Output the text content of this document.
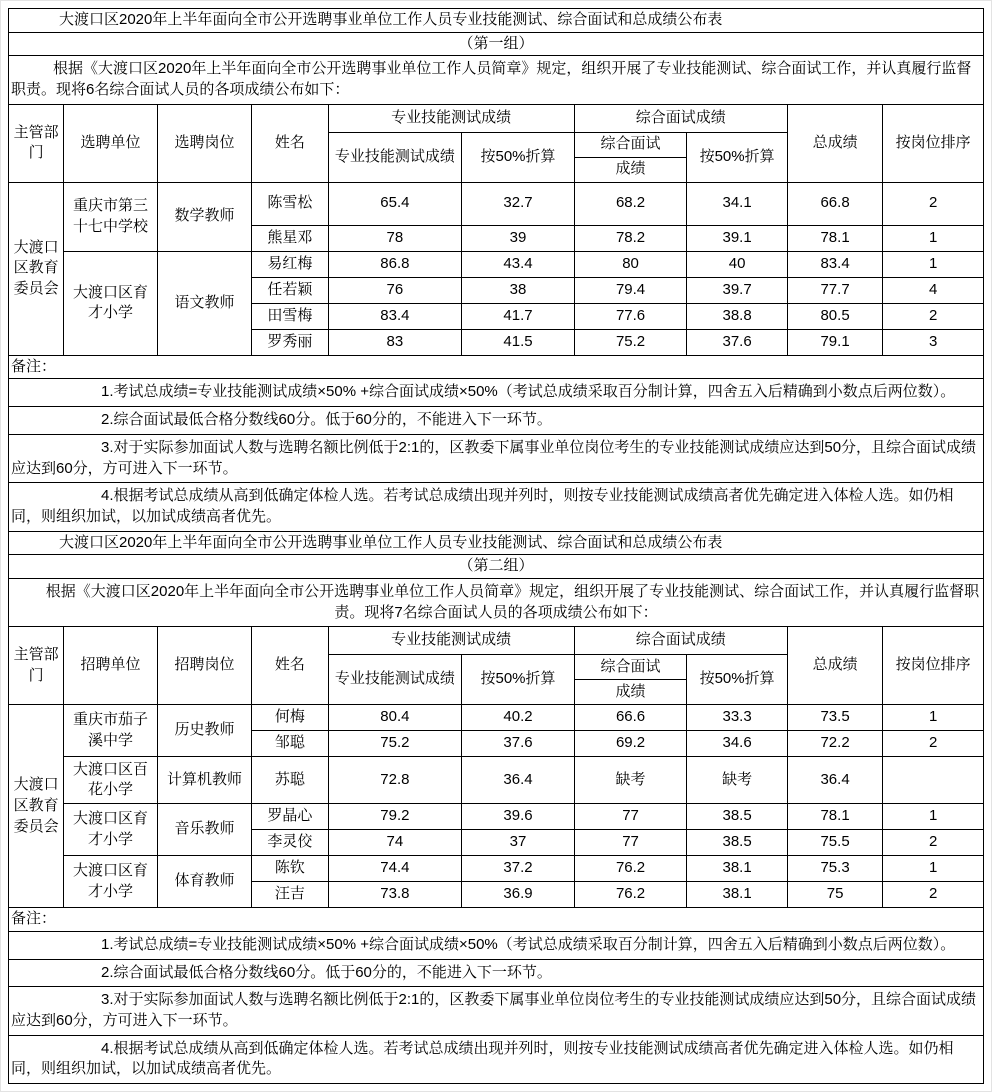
大渡口区2020年上半年面向全市公开选聘事业单位工作人员专业技能测试、综合面试和总成绩公布表									
（第一组）									
根据《大渡口区2020年上半年面向全市公开选聘事业单位工作人员简章》规定，组织开展了专业技能测试、综合面试工作，并认真履行监督职责。现将6名综合面试人员的各项成绩公布如下：									
主管部门	选聘单位	选聘岗位	姓名	专业技能测试成绩		综合面试成绩		总成绩	按岗位排序
				专业技能测试成绩	按50%折算	综合面试	按50%折算		
						成绩			
大渡口区教育委员会	重庆市第三十七中学校	数学教师	陈雪松	65.4	32.7	68.2	34.1	66.8	2
			熊星邓	78	39	78.2	39.1	78.1	1
	大渡口区育才小学	语文教师	易红梅	86.8	43.4	80	40	83.4	1
			任若颖	76	38	79.4	39.7	77.7	4
			田雪梅	83.4	41.7	77.6	38.8	80.5	2
			罗秀丽	83	41.5	75.2	37.6	79.1	3
备注：									
1.考试总成绩=专业技能测试成绩×50% +综合面试成绩×50%（考试总成绩采取百分制计算，四舍五入后精确到小数点后两位数）。									
2.综合面试最低合格分数线60分。低于60分的，不能进入下一环节。									
3.对于实际参加面试人数与选聘名额比例低于2:1的，区教委下属事业单位岗位考生的专业技能测试成绩应达到50分，且综合面试成绩应达到60分，方可进入下一环节。									
4.根据考试总成绩从高到低确定体检人选。若考试总成绩出现并列时，则按专业技能测试成绩高者优先确定进入体检人选。如仍相同，则组织加试，以加试成绩高者优先。									
大渡口区2020年上半年面向全市公开选聘事业单位工作人员专业技能测试、综合面试和总成绩公布表									
（第二组）									
根据《大渡口区2020年上半年面向全市公开选聘事业单位工作人员简章》规定，组织开展了专业技能测试、综合面试工作，并认真履行监督职责。现将7名综合面试人员的各项成绩公布如下：									
主管部门	招聘单位	招聘岗位	姓名	专业技能测试成绩		综合面试成绩		总成绩	按岗位排序
				专业技能测试成绩	按50%折算	综合面试	按50%折算		
						成绩			
大渡口区教育委员会	重庆市茄子溪中学	历史教师	何梅	80.4	40.2	66.6	33.3	73.5	1
			邹聪	75.2	37.6	69.2	34.6	72.2	2
	大渡口区百花小学	计算机教师	苏聪	72.8	36.4	缺考	缺考	36.4	
	大渡口区育才小学	音乐教师	罗晶心	79.2	39.6	77	38.5	78.1	1
			李灵佼	74	37	77	38.5	75.5	2
	大渡口区育才小学	体育教师	陈钦	74.4	37.2	76.2	38.1	75.3	1
			汪吉	73.8	36.9	76.2	38.1	75	2
备注：									
1.考试总成绩=专业技能测试成绩×50% +综合面试成绩×50%（考试总成绩采取百分制计算，四舍五入后精确到小数点后两位数）。									
2.综合面试最低合格分数线60分。低于60分的，不能进入下一环节。									
3.对于实际参加面试人数与选聘名额比例低于2:1的，区教委下属事业单位岗位考生的专业技能测试成绩应达到50分，且综合面试成绩应达到60分，方可进入下一环节。									
4.根据考试总成绩从高到低确定体检人选。若考试总成绩出现并列时，则按专业技能测试成绩高者优先确定进入体检人选。如仍相同，则组织加试，以加试成绩高者优先。									
